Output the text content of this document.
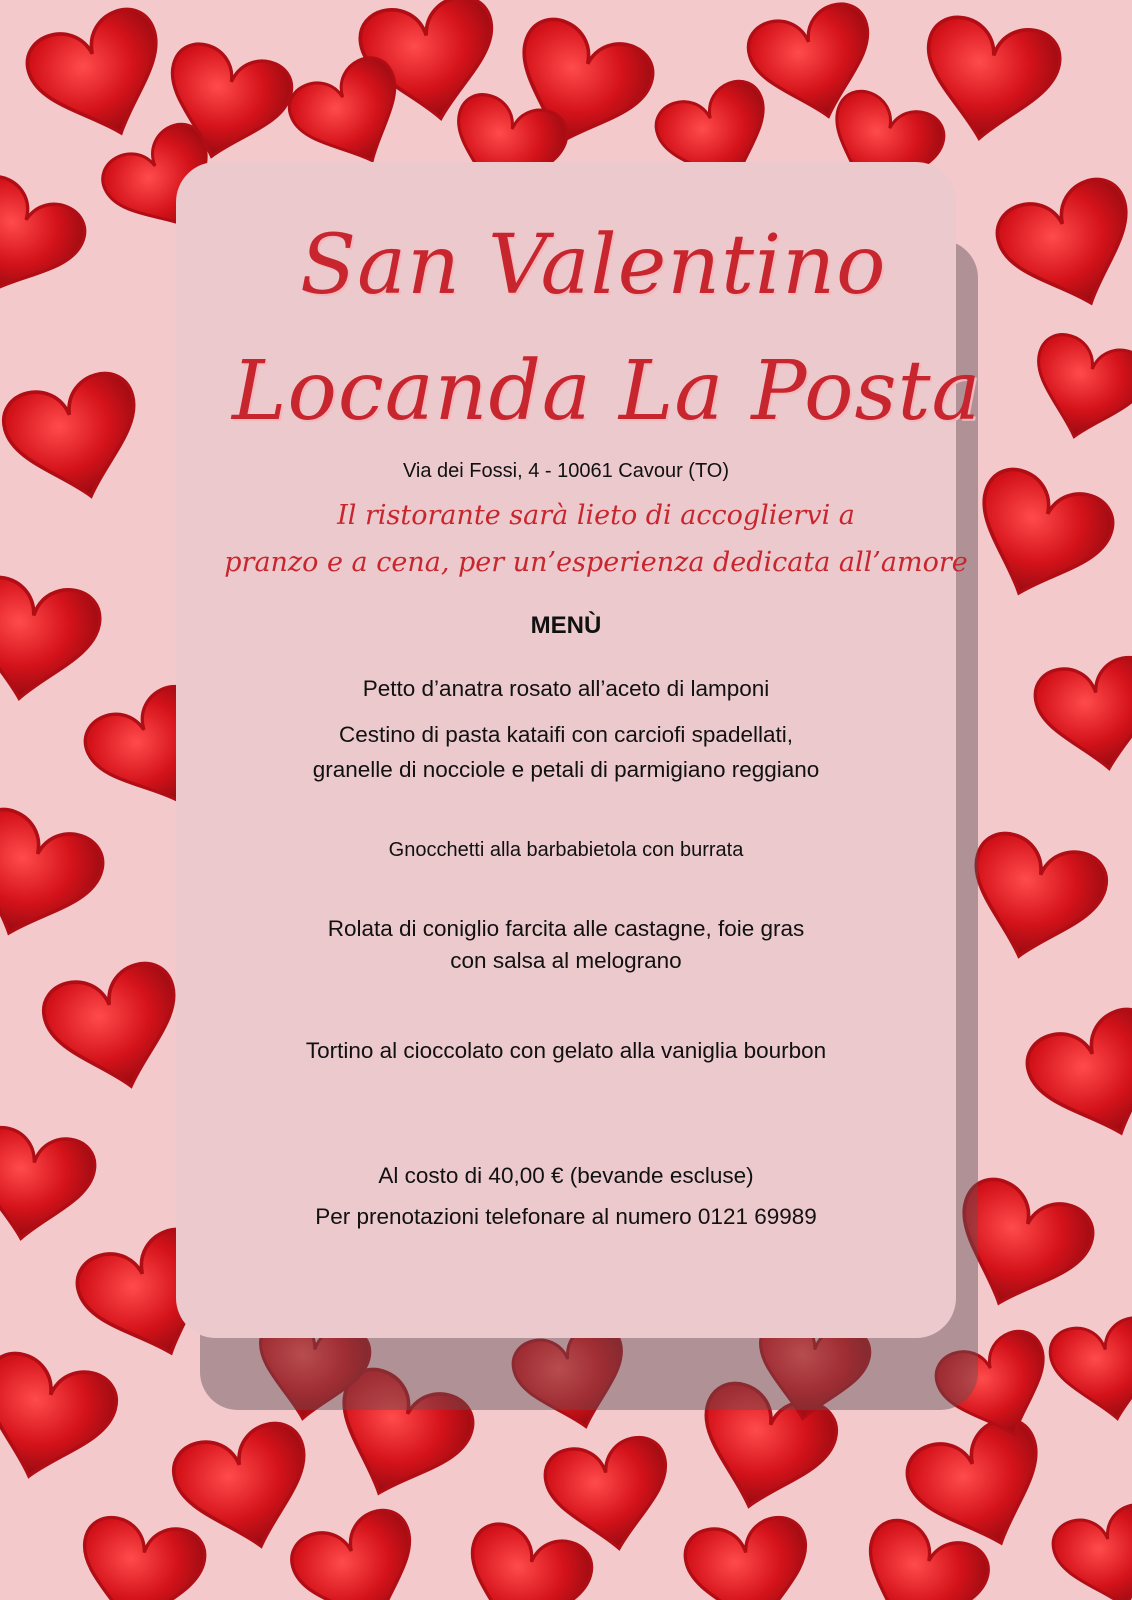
San Valentino
Locanda La Posta
Via dei Fossi, 4 - 10061 Cavour (TO)
Il ristorante sarà lieto di accogliervi a
pranzo e a cena, per un’esperienza dedicata all’amore
MENÙ
Petto d’anatra rosato all’aceto di lamponi
Cestino di pasta kataifi con carciofi spadellati,
granelle di nocciole e petali di parmigiano reggiano
Gnocchetti alla barbabietola con burrata
Rolata di coniglio farcita alle castagne, foie gras
con salsa al melograno
Tortino al cioccolato con gelato alla vaniglia bourbon
Al costo di 40,00 € (bevande escluse)
Per prenotazioni telefonare al numero 0121 69989
